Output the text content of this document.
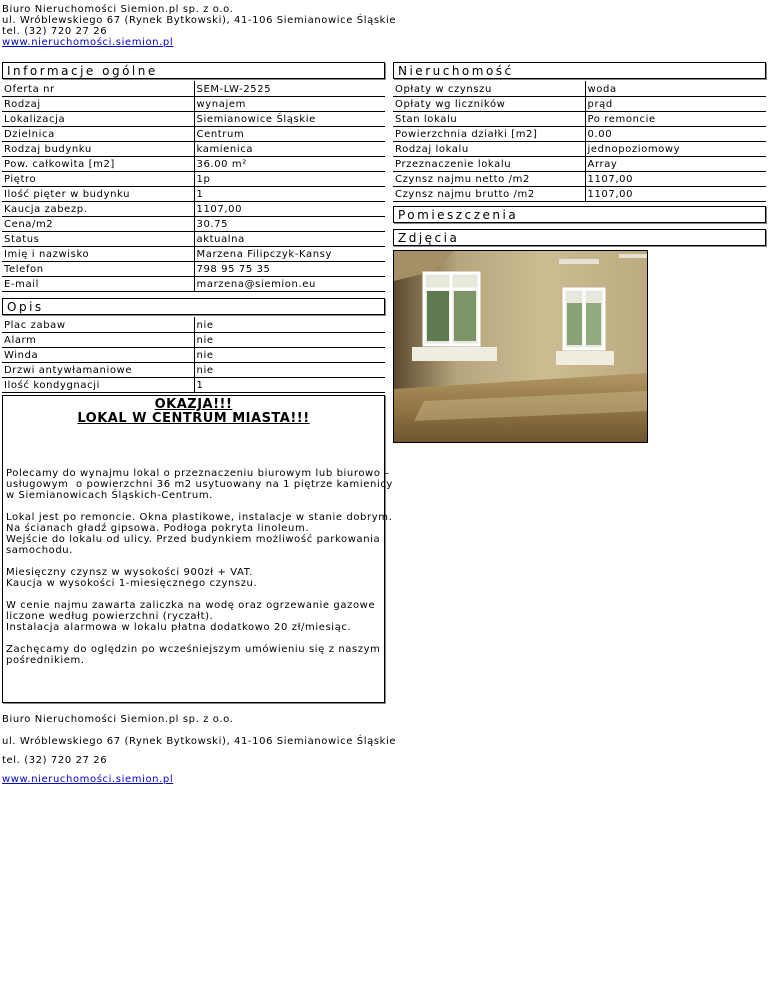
Biuro Nieruchomości Siemion.pl sp. z o.o.
ul. Wróblewskiego 67 (Rynek Bytkowski), 41-106 Siemianowice Śląskie
tel. (32) 720 27 26
www.nieruchomości.siemion.pl
Informacje ogólne
Oferta nr	SEM-LW-2525
Rodzaj	wynajem
Lokalizacja	Siemianowice Śląskie
Dzielnica	Centrum
Rodzaj budynku	kamienica
Pow. całkowita [m2]	36.00 m²
Piętro	1p
Ilość pięter w budynku	1
Kaucja zabezp.	1107,00
Cena/m2	30.75
Status	aktualna
Imię i nazwisko	Marzena Filipczyk-Kansy
Telefon	798 95 75 35
E-mail	marzena@siemion.eu
Nieruchomość
Opłaty w czynszu	woda
Opłaty wg liczników	prąd
Stan lokalu	Po remoncie
Powierzchnia działki [m2]	0.00
Rodzaj lokalu	jednopoziomowy
Przeznaczenie lokalu	Array
Czynsz najmu netto /m2	1107,00
Czynsz najmu brutto /m2	1107,00
Pomieszczenia
Zdjęcia
Opis
Plac zabaw	nie
Alarm	nie
Winda	nie
Drzwi antywłamaniowe	nie
Ilość kondygnacji	1
OKAZJA!!!
LOKAL W CENTRUM MIASTA!!!

Polecamy do wynajmu lokal o przeznaczeniu biurowym lub biurowo –
usługowym  o powierzchni 36 m2 usytuowany na 1 piętrze kamienicy
w Siemianowicach Śląskich-Centrum.

Lokal jest po remoncie. Okna plastikowe, instalacje w stanie dobrym.
Na ścianach gładź gipsowa. Podłoga pokryta linoleum.
Wejście do lokalu od ulicy. Przed budynkiem możliwość parkowania
samochodu.

Miesięczny czynsz w wysokości 900zł + VAT.
Kaucja w wysokości 1-miesięcznego czynszu.

W cenie najmu zawarta zaliczka na wodę oraz ogrzewanie gazowe
liczone według powierzchni (ryczałt).
Instalacja alarmowa w lokalu płatna dodatkowo 20 zł/miesiąc.

Zachęcamy do oględzin po wcześniejszym umówieniu się z naszym
pośrednikiem.

Biuro Nieruchomości Siemion.pl sp. z o.o.
ul. Wróblewskiego 67 (Rynek Bytkowski), 41-106 Siemianowice Śląskie
tel. (32) 720 27 26
www.nieruchomości.siemion.pl
